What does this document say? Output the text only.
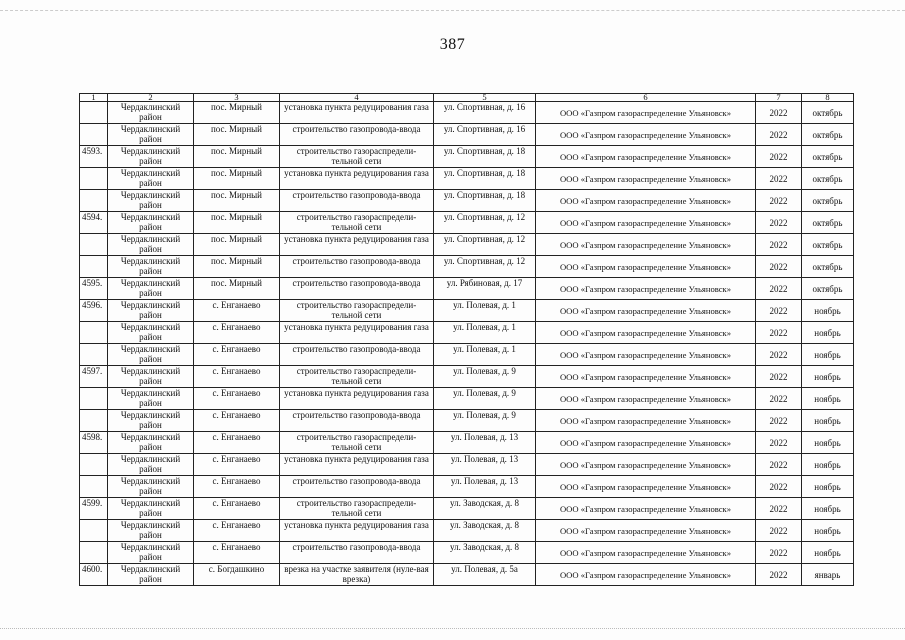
387
1	2	3	4	5	6	7	8
	Чердаклинский район	пос. Мирный	установка пункта редуцирования газа	ул. Спортивная, д. 16	ООО «Газпром газораспределение Ульяновск»	2022	октябрь
	Чердаклинский район	пос. Мирный	строительство газопровода-ввода	ул. Спортивная, д. 16	ООО «Газпром газораспределение Ульяновск»	2022	октябрь
4593.	Чердаклинский район	пос. Мирный	строительство газораспредели-тельной сети	ул. Спортивная, д. 18	ООО «Газпром газораспределение Ульяновск»	2022	октябрь
	Чердаклинский район	пос. Мирный	установка пункта редуцирования газа	ул. Спортивная, д. 18	ООО «Газпром газораспределение Ульяновск»	2022	октябрь
	Чердаклинский район	пос. Мирный	строительство газопровода-ввода	ул. Спортивная, д. 18	ООО «Газпром газораспределение Ульяновск»	2022	октябрь
4594.	Чердаклинский район	пос. Мирный	строительство газораспредели-тельной сети	ул. Спортивная, д. 12	ООО «Газпром газораспределение Ульяновск»	2022	октябрь
	Чердаклинский район	пос. Мирный	установка пункта редуцирования газа	ул. Спортивная, д. 12	ООО «Газпром газораспределение Ульяновск»	2022	октябрь
	Чердаклинский район	пос. Мирный	строительство газопровода-ввода	ул. Спортивная, д. 12	ООО «Газпром газораспределение Ульяновск»	2022	октябрь
4595.	Чердаклинский район	пос. Мирный	строительство газопровода-ввода	ул. Рябиновая, д. 17	ООО «Газпром газораспределение Ульяновск»	2022	октябрь
4596.	Чердаклинский район	с. Енганаево	строительство газораспредели-тельной сети	ул. Полевая, д. 1	ООО «Газпром газораспределение Ульяновск»	2022	ноябрь
	Чердаклинский район	с. Енганаево	установка пункта редуцирования газа	ул. Полевая, д. 1	ООО «Газпром газораспределение Ульяновск»	2022	ноябрь
	Чердаклинский район	с. Енганаево	строительство газопровода-ввода	ул. Полевая, д. 1	ООО «Газпром газораспределение Ульяновск»	2022	ноябрь
4597.	Чердаклинский район	с. Енганаево	строительство газораспредели-тельной сети	ул. Полевая, д. 9	ООО «Газпром газораспределение Ульяновск»	2022	ноябрь
	Чердаклинский район	с. Енганаево	установка пункта редуцирования газа	ул. Полевая, д. 9	ООО «Газпром газораспределение Ульяновск»	2022	ноябрь
	Чердаклинский район	с. Енганаево	строительство газопровода-ввода	ул. Полевая, д. 9	ООО «Газпром газораспределение Ульяновск»	2022	ноябрь
4598.	Чердаклинский район	с. Енганаево	строительство газораспредели-тельной сети	ул. Полевая, д. 13	ООО «Газпром газораспределение Ульяновск»	2022	ноябрь
	Чердаклинский район	с. Енганаево	установка пункта редуцирования газа	ул. Полевая, д. 13	ООО «Газпром газораспределение Ульяновск»	2022	ноябрь
	Чердаклинский район	с. Енганаево	строительство газопровода-ввода	ул. Полевая, д. 13	ООО «Газпром газораспределение Ульяновск»	2022	ноябрь
4599.	Чердаклинский район	с. Енганаево	строительство газораспредели-тельной сети	ул. Заводская, д. 8	ООО «Газпром газораспределение Ульяновск»	2022	ноябрь
	Чердаклинский район	с. Енганаево	установка пункта редуцирования газа	ул. Заводская, д. 8	ООО «Газпром газораспределение Ульяновск»	2022	ноябрь
	Чердаклинский район	с. Енганаево	строительство газопровода-ввода	ул. Заводская, д. 8	ООО «Газпром газораспределение Ульяновск»	2022	ноябрь
4600.	Чердаклинский район	с. Богдашкино	врезка на участке заявителя (нуле-вая врезка)	ул. Полевая, д. 5а	ООО «Газпром газораспределение Ульяновск»	2022	январь
